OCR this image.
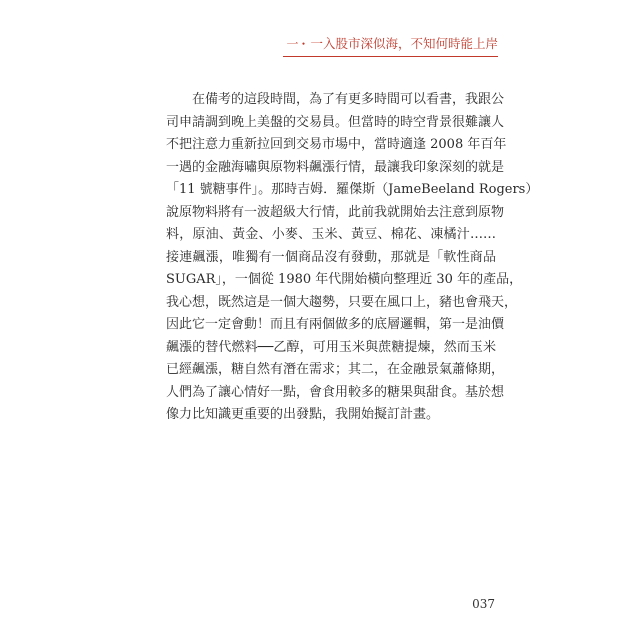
一・ 一入股市深似海，不知何時能上岸
在備考的這段時間，為了有更多時間可以看書，我跟公
司申請調到晚上美盤的交易員。但當時的時空背景很難讓人
不把注意力重新拉回到交易市場中，當時適逢 2008 年百年
一遇的金融海嘯與原物料飆漲行情，最讓我印象深刻的就是
「11 號糖事件」。那時吉姆．羅傑斯（JameBeeland Rogers）
說原物料將有一波超級大行情，此前我就開始去注意到原物
料，原油、黃金、小麥、玉米、黃豆、棉花、凍橘汁……
接連飆漲，唯獨有一個商品沒有發動，那就是「軟性商品
SUGAR」，一個從 1980 年代開始橫向整理近 30 年的產品，
我心想，既然這是一個大趨勢，只要在風口上，豬也會飛天，
因此它一定會動！而且有兩個做多的底層邏輯，第一是油價
飆漲的替代燃料──乙醇，可用玉米與蔗糖提煉，然而玉米
已經飆漲，糖自然有潛在需求；其二，在金融景氣蕭條期，
人們為了讓心情好一點，會食用較多的糖果與甜食。基於想
像力比知識更重要的出發點，我開始擬訂計畫。
037
